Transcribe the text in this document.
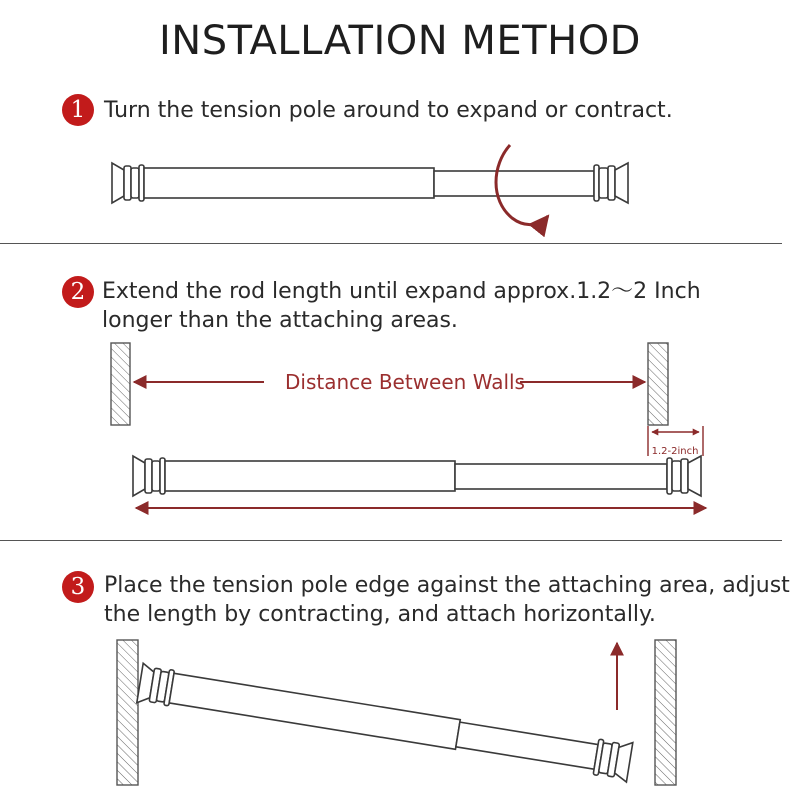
INSTALLATION METHOD
1 Turn the tension pole around to expand or contract.
2 Extend the rod length until expand approx.1.2～2 Inch
longer than the attaching areas.
3 Place the tension pole edge against the attaching area, adjust
the length by contracting, and attach horizontally.
Distance Between Walls
1.2-2inch
